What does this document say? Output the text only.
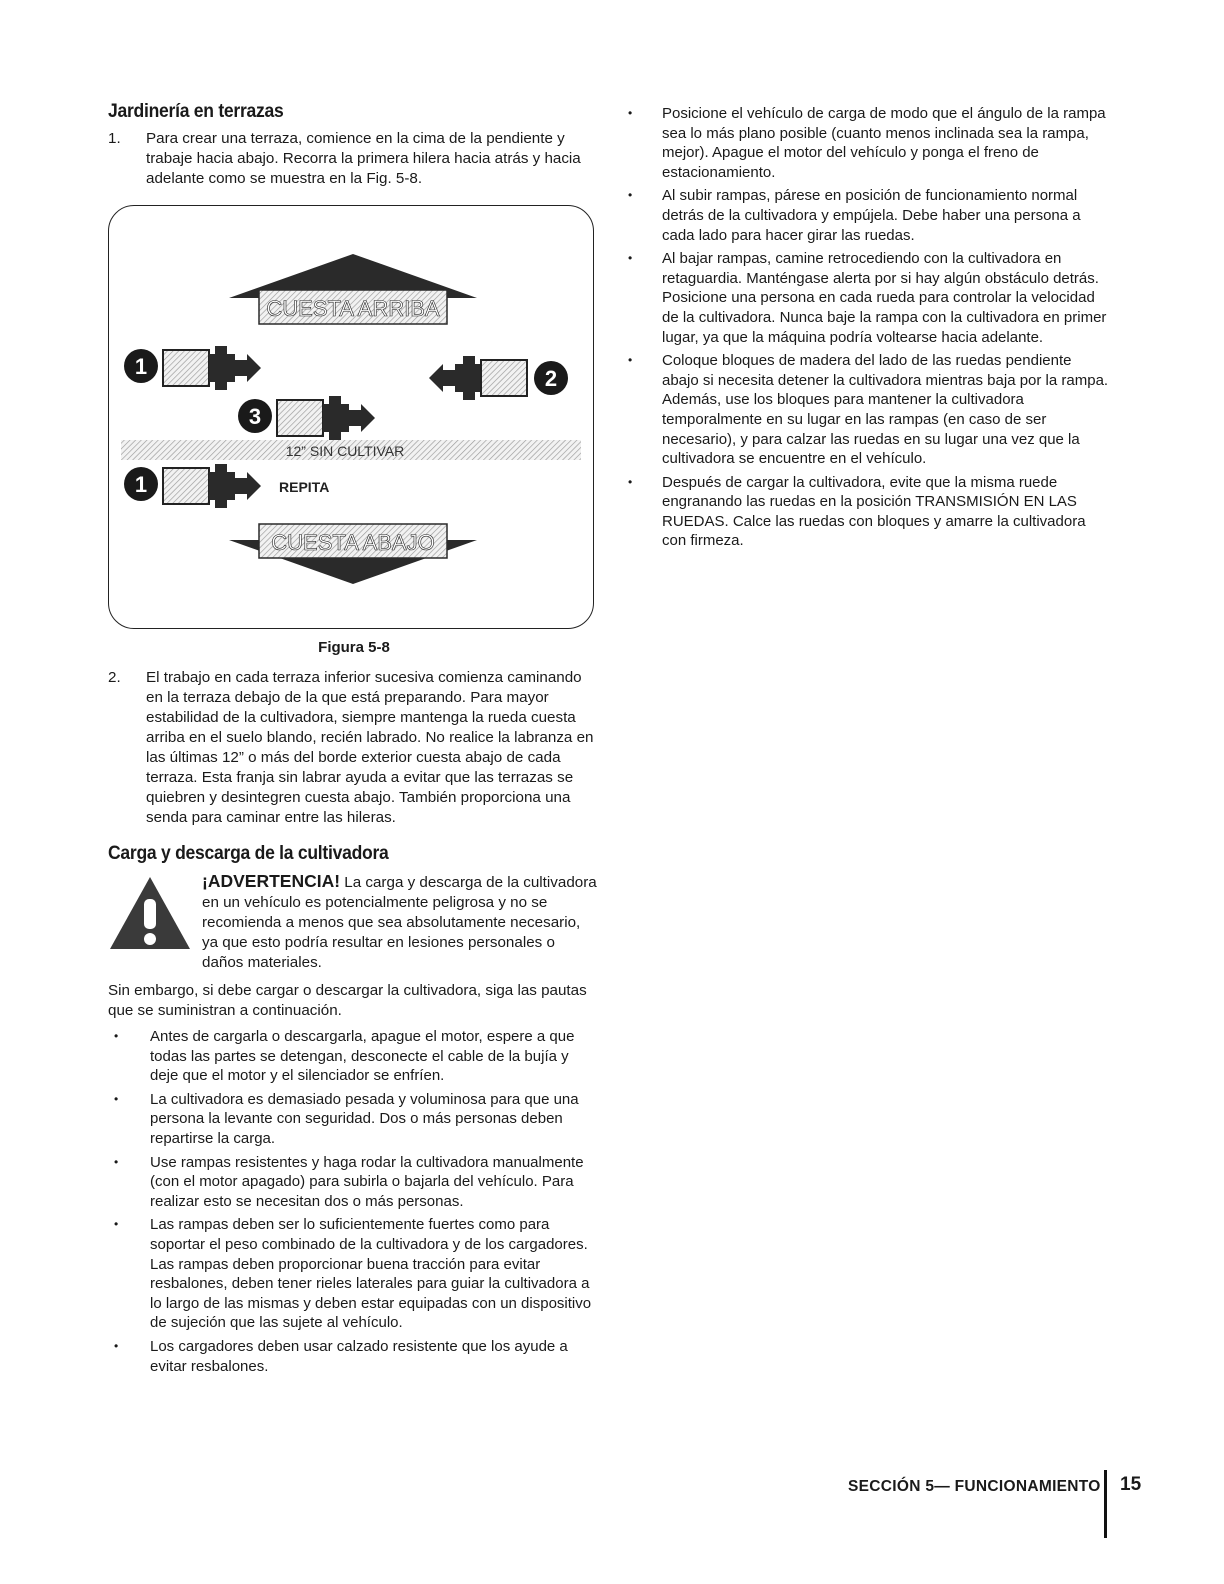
Jardinería en terrazas
1. Para crear una terraza, comience en la cima de la pendiente y trabaje hacia abajo. Recorra la primera hilera hacia atrás y hacia adelante como se muestra en la Fig. 5-8.
CUESTA ARRIBA
1	2
3
12” SIN CULTIVAR
1	REPITA
CUESTA ABAJO
Figura 5-8
2. El trabajo en cada terraza inferior sucesiva comienza caminando en la terraza debajo de la que está preparando. Para mayor estabilidad de la cultivadora, siempre mantenga la rueda cuesta arriba en el suelo blando, recién labrado. No realice la labranza en las últimas 12” o más del borde exterior cuesta abajo de cada terraza. Esta franja sin labrar ayuda a evitar que las terrazas se quiebren y desintegren cuesta abajo. También proporciona una senda para caminar entre las hileras.
Carga y descarga de la cultivadora
¡ADVERTENCIA! La carga y descarga de la cultivadora en un vehículo es potencialmente peligrosa y no se recomienda a menos que sea absolutamente necesario, ya que esto podría resultar en lesiones personales o daños materiales.
Sin embargo, si debe cargar o descargar la cultivadora, siga las pautas que se suministran a continuación.
• Antes de cargarla o descargarla, apague el motor, espere a que todas las partes se detengan, desconecte el cable de la bujía y deje que el motor y el silenciador se enfríen.
• La cultivadora es demasiado pesada y voluminosa para que una persona la levante con seguridad. Dos o más personas deben repartirse la carga.
• Use rampas resistentes y haga rodar la cultivadora manualmente (con el motor apagado) para subirla o bajarla del vehículo. Para realizar esto se necesitan dos o más personas.
• Las rampas deben ser lo suficientemente fuertes como para soportar el peso combinado de la cultivadora y de los cargadores. Las rampas deben proporcionar buena tracción para evitar resbalones, deben tener rieles laterales para guiar la cultivadora a lo largo de las mismas y deben estar equipadas con un dispositivo de sujeción que las sujete al vehículo.
• Los cargadores deben usar calzado resistente que los ayude a evitar resbalones.
• Posicione el vehículo de carga de modo que el ángulo de la rampa sea lo más plano posible (cuanto menos inclinada sea la rampa, mejor). Apague el motor del vehículo y ponga el freno de estacionamiento.
• Al subir rampas, párese en posición de funcionamiento normal detrás de la cultivadora y empújela. Debe haber una persona a cada lado para hacer girar las ruedas.
• Al bajar rampas, camine retrocediendo con la cultivadora en retaguardia. Manténgase alerta por si hay algún obstáculo detrás. Posicione una persona en cada rueda para controlar la velocidad de la cultivadora. Nunca baje la rampa con la cultivadora en primer lugar, ya que la máquina podría voltearse hacia adelante.
• Coloque bloques de madera del lado de las ruedas pendiente abajo si necesita detener la cultivadora mientras baja por la rampa. Además, use los bloques para mantener la cultivadora temporalmente en su lugar en las rampas (en caso de ser necesario), y para calzar las ruedas en su lugar una vez que la cultivadora se encuentre en el vehículo.
• Después de cargar la cultivadora, evite que la misma ruede engranando las ruedas en la posición TRANSMISIÓN EN LAS RUEDAS. Calce las ruedas con bloques y amarre la cultivadora con firmeza.
SECCIÓN 5— FUNCIONAMIENTO 15
